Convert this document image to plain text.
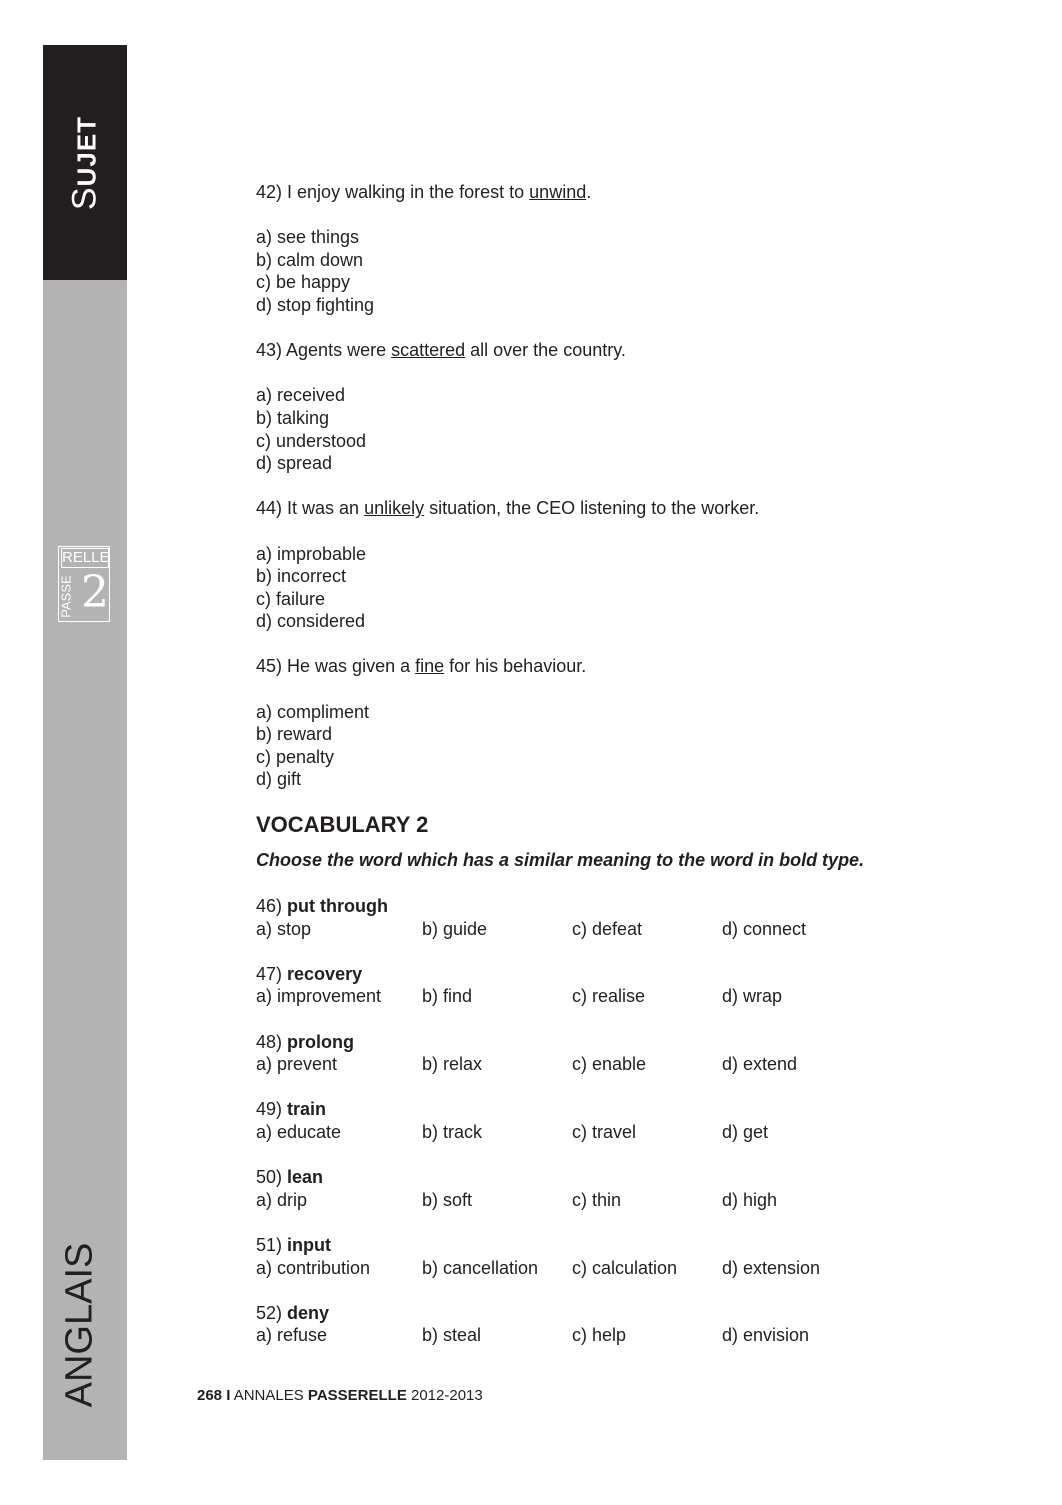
SUJET
RELLE
PASSE 2
ANGLAIS
42) I enjoy walking in the forest to unwind.
a) see things
b) calm down
c) be happy
d) stop fighting
43) Agents were scattered all over the country.
a) received
b) talking
c) understood
d) spread
44) It was an unlikely situation, the CEO listening to the worker.
a) improbable
b) incorrect
c) failure
d) considered
45) He was given a fine for his behaviour.
a) compliment
b) reward
c) penalty
d) gift
VOCABULARY 2
Choose the word which has a similar meaning to the word in bold type.
46) put through
a) stop	b) guide	c) defeat	d) connect
47) recovery
a) improvement b) find	c) realise	d) wrap
48) prolong
a) prevent	b) relax	c) enable	d) extend
49) train
a) educate	b) track	c) travel	d) get
50) lean
a) drip	b) soft	c) thin	d) high
51) input
a) contribution	b) cancellation c) calculation d) extension
52) deny
a) refuse	b) steal	c) help	d) envision
268 I ANNALES PASSERELLE 2012-2013
